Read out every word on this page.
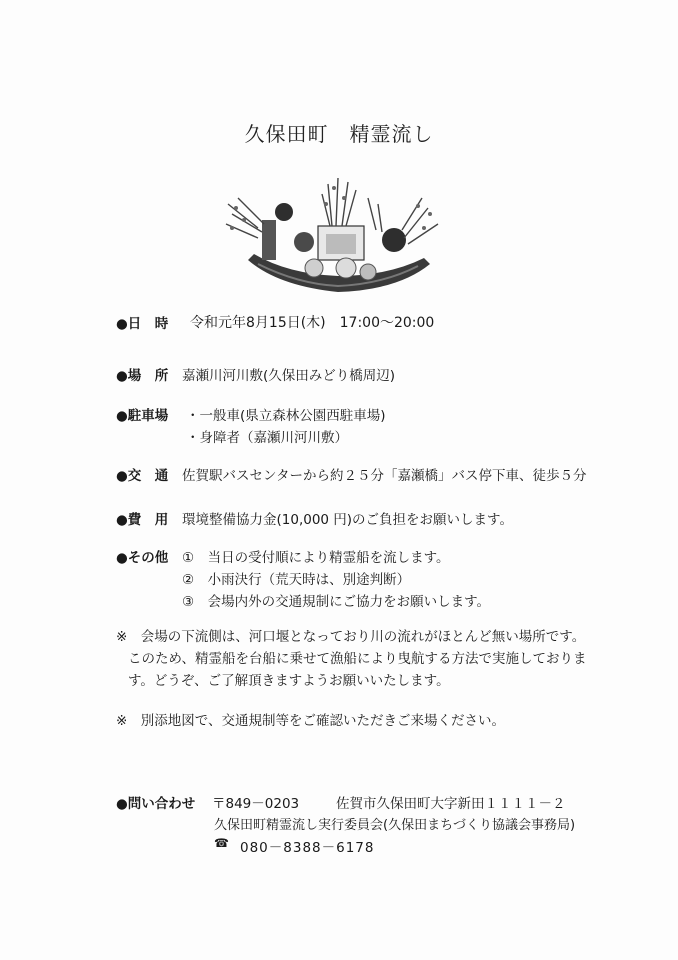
久保田町　精霊流し
●日　時 令和元年8月15日(木)　17:00〜20:00
●場　所 嘉瀬川河川敷(久保田みどり橋周辺)
●駐車場 ・一般車(県立森林公園西駐車場)
・身障者（嘉瀬川河川敷）
●交　通 佐賀駅バスセンターから約２５分「嘉瀬橋」バス停下車、徒歩５分
●費　用 環境整備協力金(10,000 円)のご負担をお願いします。
●その他 ①　当日の受付順により精霊船を流します。
②　小雨決行（荒天時は、別途判断）
③　会場内外の交通規制にご協力をお願いします。
※　会場の下流側は、河口堰となっており川の流れがほとんど無い場所です。
このため、精霊船を台船に乗せて漁船により曳航する方法で実施しておりま
す。どうぞ、ご了解頂きますようお願いいたします。
※　別添地図で、交通規制等をご確認いただきご来場ください。
●問い合わせ 〒849－0203	佐賀市久保田町大字新田１１１１－２
久保田町精霊流し実行委員会(久保田まちづくり協議会事務局)
☎ 080－8388－6178
